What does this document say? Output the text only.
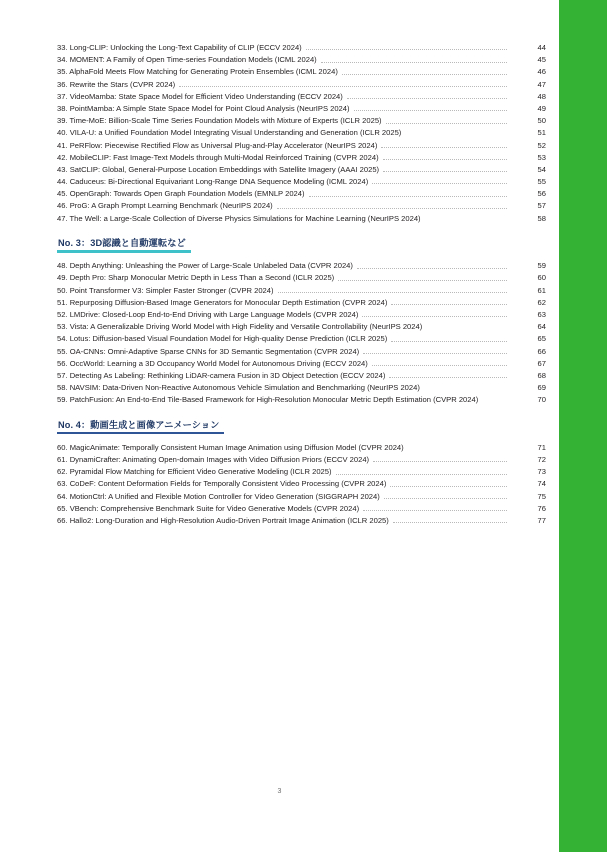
33. Long-CLIP: Unlocking the Long-Text Capability of CLIP (ECCV 2024)	44
34. MOMENT: A Family of Open Time-series Foundation Models (ICML 2024)	45
35. AlphaFold Meets Flow Matching for Generating Protein Ensembles (ICML 2024)	46
36. Rewrite the Stars (CVPR 2024)	47
37. VideoMamba: State Space Model for Efficient Video Understanding (ECCV 2024)	48
38. PointMamba: A Simple State Space Model for Point Cloud Analysis (NeurIPS 2024)	49
39. Time-MoE: Billion-Scale Time Series Foundation Models with Mixture of Experts (ICLR 2025)	50
40. VILA-U: a Unified Foundation Model Integrating Visual Understanding and Generation (ICLR 2025)	51
41. PeRFlow: Piecewise Rectified Flow as Universal Plug-and-Play Accelerator (NeurIPS 2024)	52
42. MobileCLIP: Fast Image-Text Models through Multi-Modal Reinforced Training (CVPR 2024)	53
43. SatCLIP: Global, General-Purpose Location Embeddings with Satellite Imagery (AAAI 2025)	54
44. Caduceus: Bi-Directional Equivariant Long-Range DNA Sequence Modeling (ICML 2024)	55
45. OpenGraph: Towards Open Graph Foundation Models (EMNLP 2024)	56
46. ProG: A Graph Prompt Learning Benchmark (NeurIPS 2024)	57
47. The Well: a Large-Scale Collection of Diverse Physics Simulations for Machine Learning (NeurIPS 2024)	58
No. 3：3D認識と自動運転など
48. Depth Anything: Unleashing the Power of Large-Scale Unlabeled Data (CVPR 2024)	59
49. Depth Pro: Sharp Monocular Metric Depth in Less Than a Second (ICLR 2025)	60
50. Point Transformer V3: Simpler Faster Stronger (CVPR 2024)	61
51. Repurposing Diffusion-Based Image Generators for Monocular Depth Estimation (CVPR 2024)	62
52. LMDrive: Closed-Loop End-to-End Driving with Large Language Models (CVPR 2024)	63
53. Vista: A Generalizable Driving World Model with High Fidelity and Versatile Controllability (NeurIPS 2024)	64
54. Lotus: Diffusion-based Visual Foundation Model for High-quality Dense Prediction (ICLR 2025)	65
55. OA-CNNs: Omni-Adaptive Sparse CNNs for 3D Semantic Segmentation (CVPR 2024)	66
56. OccWorld: Learning a 3D Occupancy World Model for Autonomous Driving (ECCV 2024)	67
57. Detecting As Labeling: Rethinking LiDAR-camera Fusion in 3D Object Detection (ECCV 2024)	68
58. NAVSIM: Data-Driven Non-Reactive Autonomous Vehicle Simulation and Benchmarking (NeurIPS 2024)	69
59. PatchFusion: An End-to-End Tile-Based Framework for High-Resolution Monocular Metric Depth Estimation (CVPR 2024)	70
No. 4：動画生成と画像アニメーション
60. MagicAnimate: Temporally Consistent Human Image Animation using Diffusion Model (CVPR 2024)	71
61. DynamiCrafter: Animating Open-domain Images with Video Diffusion Priors (ECCV 2024)	72
62. Pyramidal Flow Matching for Efficient Video Generative Modeling (ICLR 2025)	73
63. CoDeF: Content Deformation Fields for Temporally Consistent Video Processing (CVPR 2024)	74
64. MotionCtrl: A Unified and Flexible Motion Controller for Video Generation (SIGGRAPH 2024)	75
65. VBench: Comprehensive Benchmark Suite for Video Generative Models (CVPR 2024)	76
66. Hallo2: Long-Duration and High-Resolution Audio-Driven Portrait Image Animation (ICLR 2025)	77
3
